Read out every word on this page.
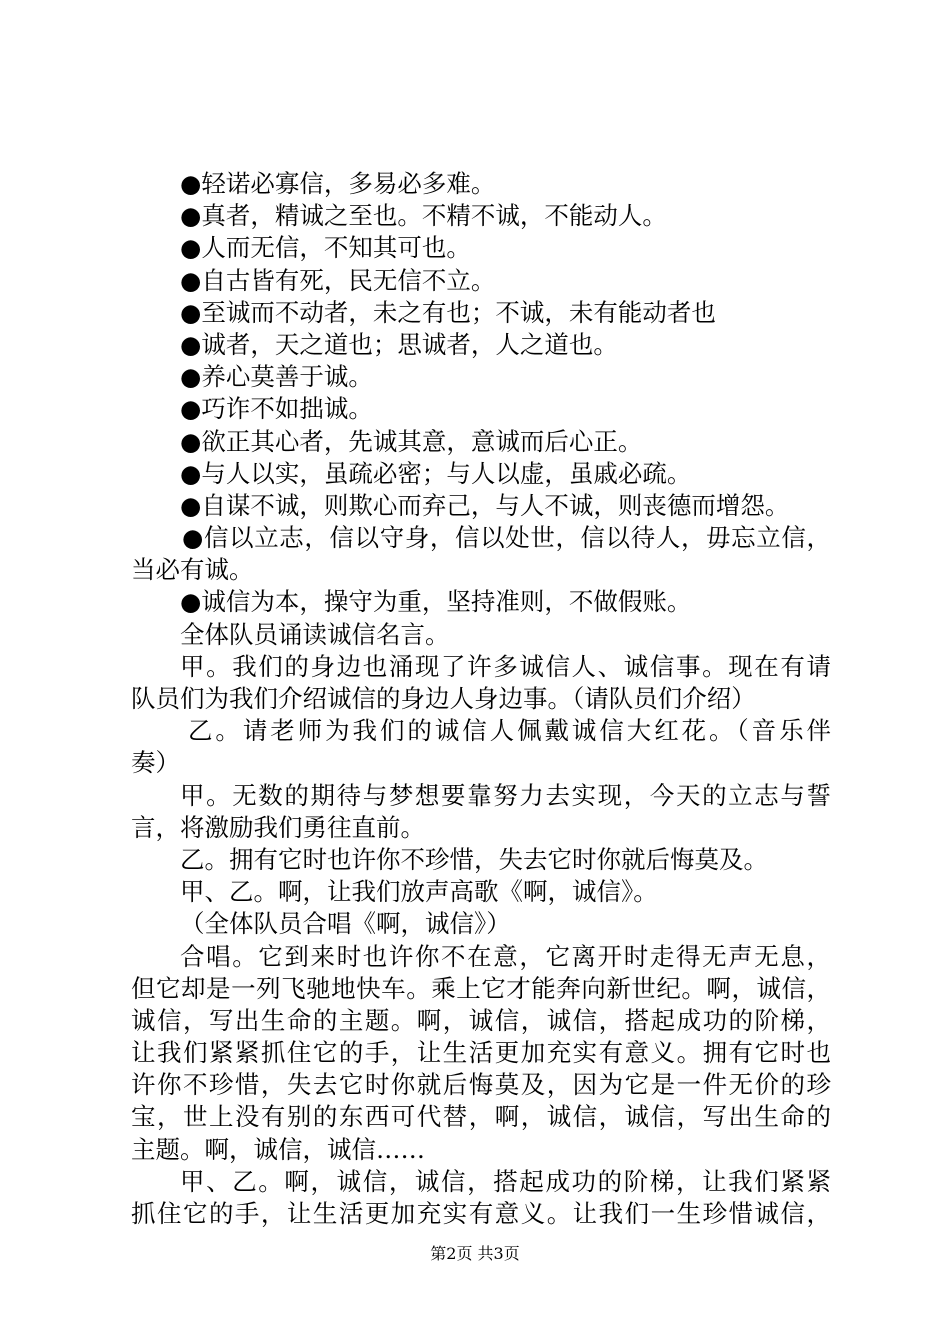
●轻诺必寡信，多易必多难。
●真者，精诚之至也。不精不诚，不能动人。
●人而无信，不知其可也。
●自古皆有死，民无信不立。
●至诚而不动者，未之有也；不诚，未有能动者也
●诚者，天之道也；思诚者，人之道也。
●养心莫善于诚。
●巧诈不如拙诚。
●欲正其心者，先诚其意，意诚而后心正。
●与人以实，虽疏必密；与人以虚，虽戚必疏。
●自谋不诚，则欺心而弃己，与人不诚，则丧德而增怨。
●信以立志，信以守身，信以处世，信以待人，毋忘立信，
当必有诚。
●诚信为本，操守为重，坚持准则，不做假账。
全体队员诵读诚信名言。
甲。我们的身边也涌现了许多诚信人、诚信事。现在有请
队员们为我们介绍诚信的身边人身边事。（请队员们介绍）
乙。请老师为我们的诚信人佩戴诚信大红花。（音乐伴
奏）
甲。无数的期待与梦想要靠努力去实现，今天的立志与誓
言，将激励我们勇往直前。
乙。拥有它时也许你不珍惜，失去它时你就后悔莫及。
甲、乙。啊，让我们放声高歌《啊，诚信》。
（全体队员合唱《啊，诚信》）
合唱。它到来时也许你不在意，它离开时走得无声无息，
但它却是一列飞驰地快车。乘上它才能奔向新世纪。啊，诚信，
诚信，写出生命的主题。啊，诚信，诚信，搭起成功的阶梯，
让我们紧紧抓住它的手，让生活更加充实有意义。拥有它时也
许你不珍惜，失去它时你就后悔莫及，因为它是一件无价的珍
宝，世上没有别的东西可代替，啊，诚信，诚信，写出生命的
主题。啊，诚信，诚信……
甲、乙。啊，诚信，诚信，搭起成功的阶梯，让我们紧紧
抓住它的手，让生活更加充实有意义。让我们一生珍惜诚信，
第2页 共3页
